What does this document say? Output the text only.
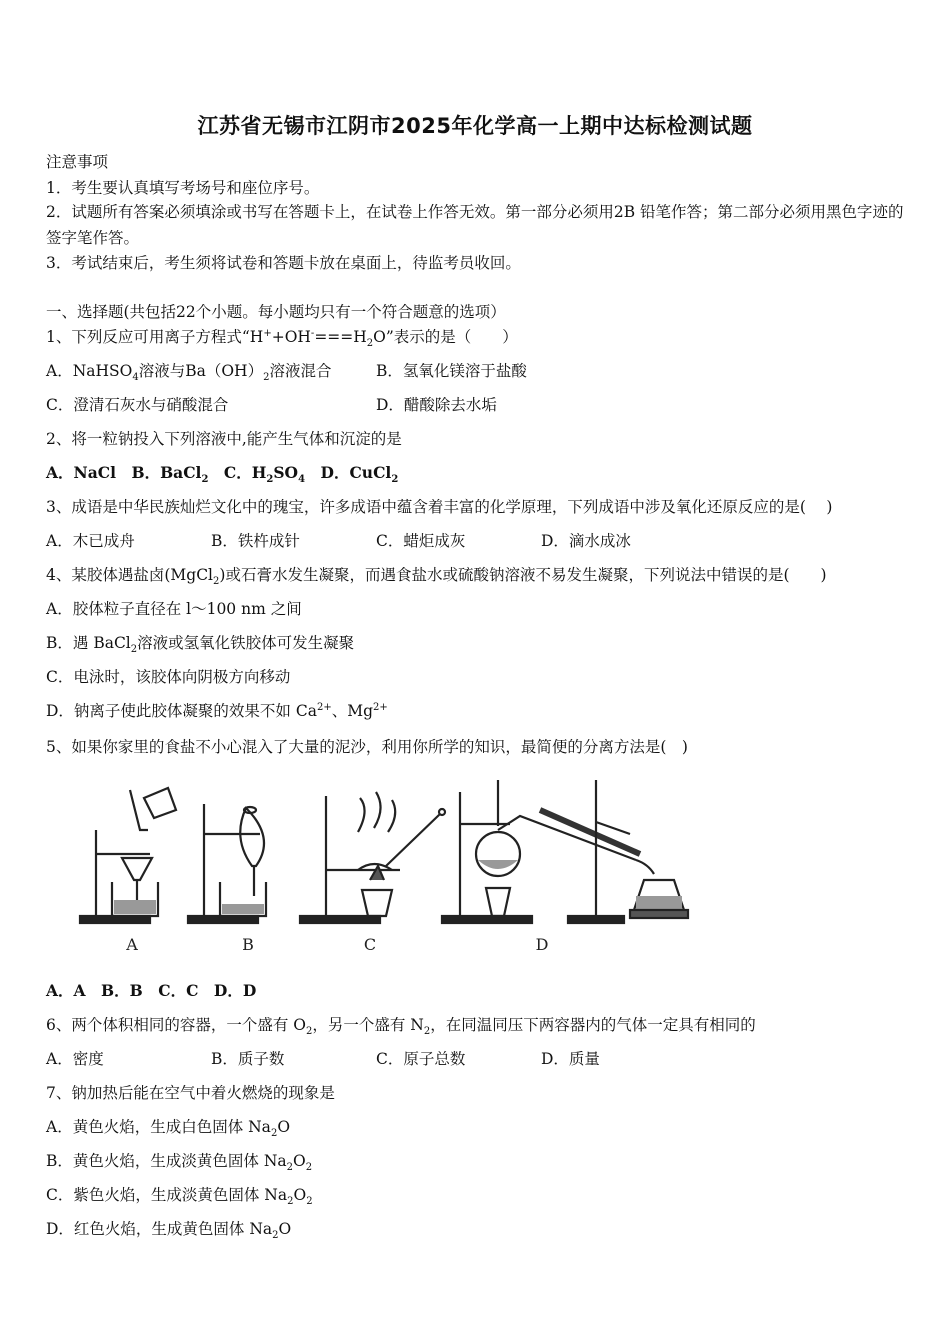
江苏省无锡市江阴市2025年化学高一上期中达标检测试题
注意事项
1．考生要认真填写考场号和座位序号。
2．试题所有答案必须填涂或书写在答题卡上，在试卷上作答无效。第一部分必须用2B 铅笔作答；第二部分必须用黑色字迹的签字笔作答。
3．考试结束后，考生须将试卷和答题卡放在桌面上，待监考员收回。
一、选择题(共包括22个小题。每小题均只有一个符合题意的选项）
1、下列反应可用离子方程式“$H^++OH^-===H_2O$”表示的是（　　）
A．NaHSO$_4$溶液与$Ba(OH)_2$溶液混合	B．氢氧化镁溶于盐酸
C．澄清石灰水与硝酸混合	D．醋酸除去水垢
2、将一粒钠投入下列溶液中,能产生气体和沉淀的是
A．NaCl　B．BaCl$_2$　C．$H_2SO_4$　D．CuCl$_2$
3、成语是中华民族灿烂文化中的瑰宝，许多成语中蕴含着丰富的化学原理，下列成语中涉及氧化还原反应的是(　 )
A．木已成舟	B．铁杵成针	C．蜡炬成灰	D．滴水成冰
4、某胶体遇盐卤(MgCl$_2$)或石膏水发生凝聚，而遇食盐水或硫酸钠溶液不易发生凝聚，下列说法中错误的是(　　)
A．胶体粒子直径在 l～100 nm 之间
B．遇 BaCl$_2$溶液或氢氧化铁胶体可发生凝聚
C．电泳时，该胶体向阴极方向移动
D．钠离子使此胶体凝聚的效果不如 $Ca^{2+}$、$Mg^{2+}$
5、如果你家里的食盐不小心混入了大量的泥沙，利用你所学的知识，最简便的分离方法是(　)
A	B	C	D
A．A　B．B　C．C　D．D
6、两个体积相同的容器，一个盛有 $O_2$，另一个盛有 $N_2$，在同温同压下两容器内的气体一定具有相同的
A．密度	B．质子数	C．原子总数	D．质量
7、钠加热后能在空气中着火燃烧的现象是
A．黄色火焰，生成白色固体 $Na_2O$
B．黄色火焰，生成淡黄色固体 $Na_2O_2$
C．紫色火焰，生成淡黄色固体 $Na_2O_2$
D．红色火焰，生成黄色固体 $Na_2O$
